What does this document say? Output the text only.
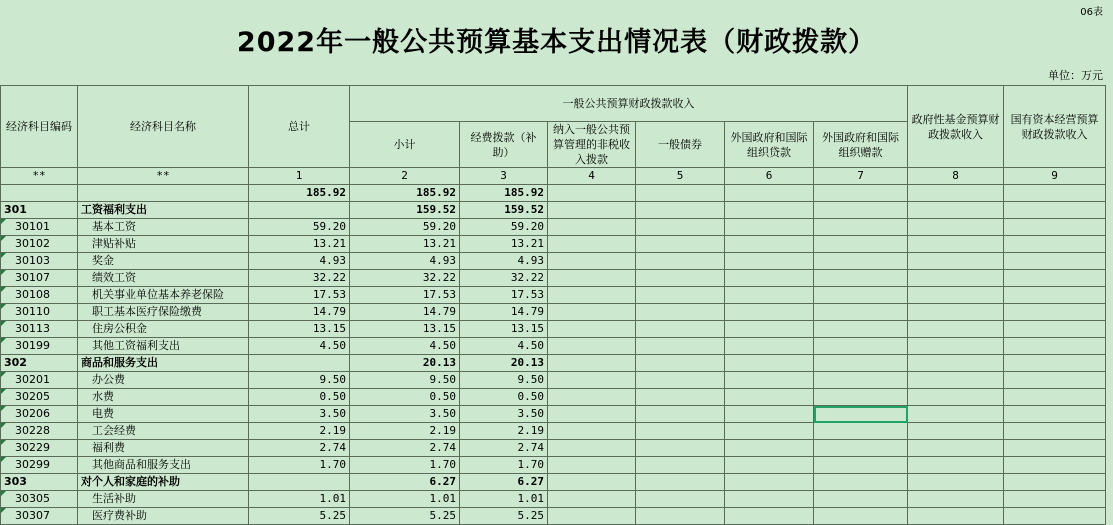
06表
2022年一般公共预算基本支出情况表（财政拨款）
单位：万元
经济科目编码	经济科目名称	总计	一般公共预算财政拨款收入						政府性基金预算财政拨款收入	国有资本经营预算财政拨款收入
			小计	经费拨款（补助）	纳入一般公共预算管理的非税收入拨款	一般债券	外国政府和国际组织贷款	外国政府和国际组织赠款		
**	**	1	2	3	4	5	6	7	8	9
		185.92	185.92	185.92						
301	工资福利支出		159.52	159.52						

30101	基本工资	59.20	59.20	59.20						

30102	津贴补贴	13.21	13.21	13.21						

30103	奖金	4.93	4.93	4.93						

30107	绩效工资	32.22	32.22	32.22						

30108	机关事业单位基本养老保险	17.53	17.53	17.53						

30110	职工基本医疗保险缴费	14.79	14.79	14.79						

30113	住房公积金	13.15	13.15	13.15						

30199	其他工资福利支出	4.50	4.50	4.50						
302	商品和服务支出		20.13	20.13						

30201	办公费	9.50	9.50	9.50						

30205	水费	0.50	0.50	0.50						

30206	电费	3.50	3.50	3.50						

30228	工会经费	2.19	2.19	2.19						

30229	福利费	2.74	2.74	2.74						

30299	其他商品和服务支出	1.70	1.70	1.70						
303	对个人和家庭的补助		6.27	6.27						

30305	生活补助	1.01	1.01	1.01						

30307	医疗费补助	5.25	5.25	5.25						
